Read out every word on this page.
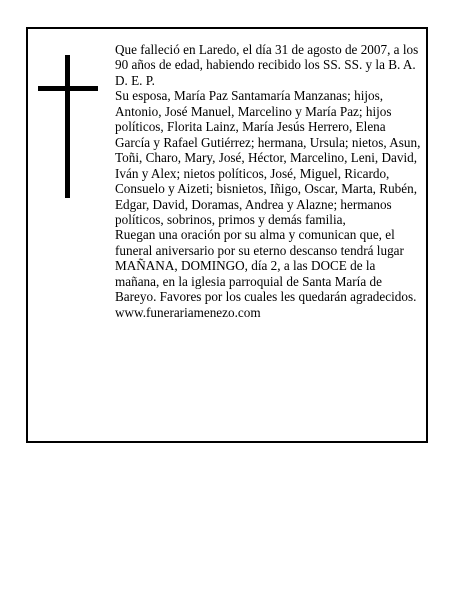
Que falleció en Laredo, el día 31 de agosto de 2007, a los 90 años de edad, habiendo recibido los SS. SS. y la B. A.

D. E. P.

Su esposa, María Paz Santamaría Manzanas; hijos, Antonio, José Manuel, Marcelino y María Paz; hijos políticos, Florita Lainz, María Jesús Herrero, Elena García y Rafael Gutiérrez; hermana, Ursula; nietos, Asun, Toñi, Charo, Mary, José, Héctor, Marcelino, Leni, David, Iván y Alex; nietos políticos, José, Miguel, Ricardo, Consuelo y Aizeti; bisnietos, Iñigo, Oscar, Marta, Rubén, Edgar, David, Doramas, Andrea y Alazne; hermanos políticos, sobrinos, primos y demás familia,

Ruegan una oración por su alma y comunican que, el funeral aniversario por su eterno descanso tendrá lugar MAÑANA, DOMINGO, día 2, a las DOCE de la mañana, en la iglesia parroquial de Santa María de Bareyo. Favores por los cuales les quedarán agradecidos.

www.funerariamenezo.com
